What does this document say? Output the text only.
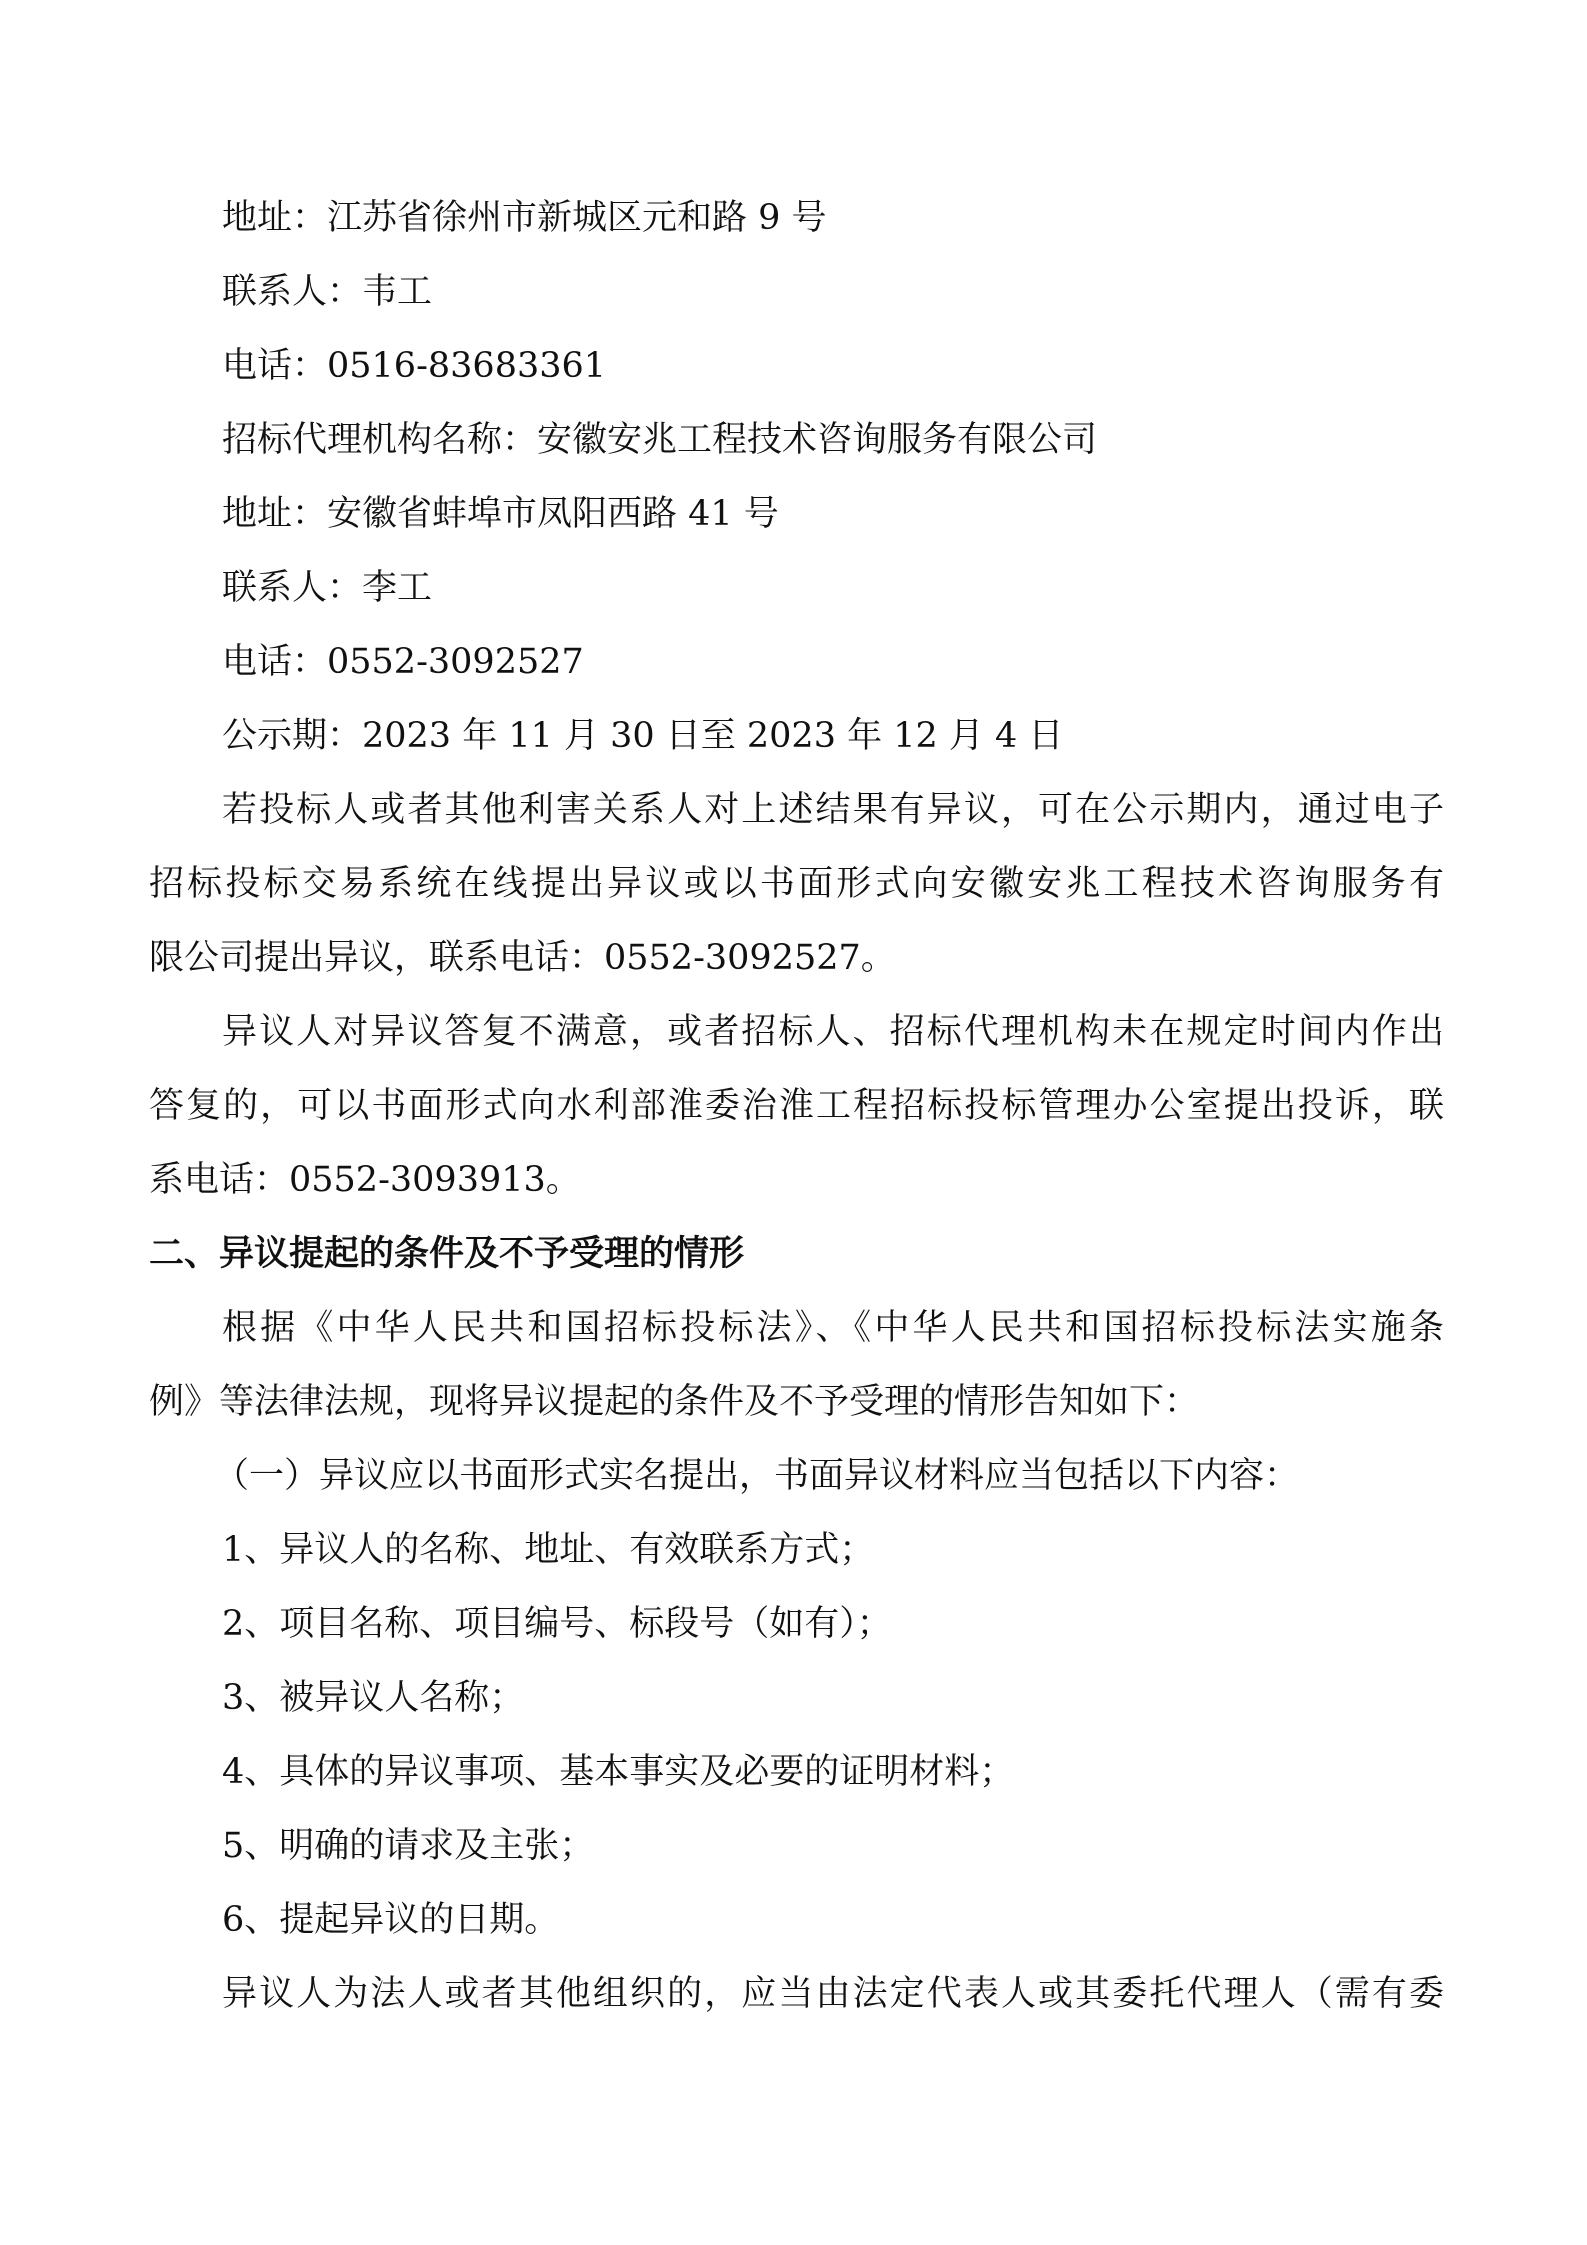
地址：江苏省徐州市新城区元和路 9 号
联系人：韦工
电话：0516-83683361
招标代理机构名称：安徽安兆工程技术咨询服务有限公司
地址：安徽省蚌埠市凤阳西路 41 号
联系人：李工
电话：0552-3092527
公示期：2023 年 11 月 30 日至 2023 年 12 月 4 日
若投标人或者其他利害关系人对上述结果有异议，可在公示期内，通过电子
招标投标交易系统在线提出异议或以书面形式向安徽安兆工程技术咨询服务有
限公司提出异议，联系电话：0552-3092527。
异议人对异议答复不满意，或者招标人、招标代理机构未在规定时间内作出
答复的，可以书面形式向水利部淮委治淮工程招标投标管理办公室提出投诉，联
系电话：0552-3093913。
二、异议提起的条件及不予受理的情形
根据《中华人民共和国招标投标法》、《中华人民共和国招标投标法实施条
例》等法律法规，现将异议提起的条件及不予受理的情形告知如下：
（一）异议应以书面形式实名提出，书面异议材料应当包括以下内容：
1、异议人的名称、地址、有效联系方式；
2、项目名称、项目编号、标段号（如有）；
3、被异议人名称；
4、具体的异议事项、基本事实及必要的证明材料；
5、明确的请求及主张；
6、提起异议的日期。
异议人为法人或者其他组织的，应当由法定代表人或其委托代理人（需有委
